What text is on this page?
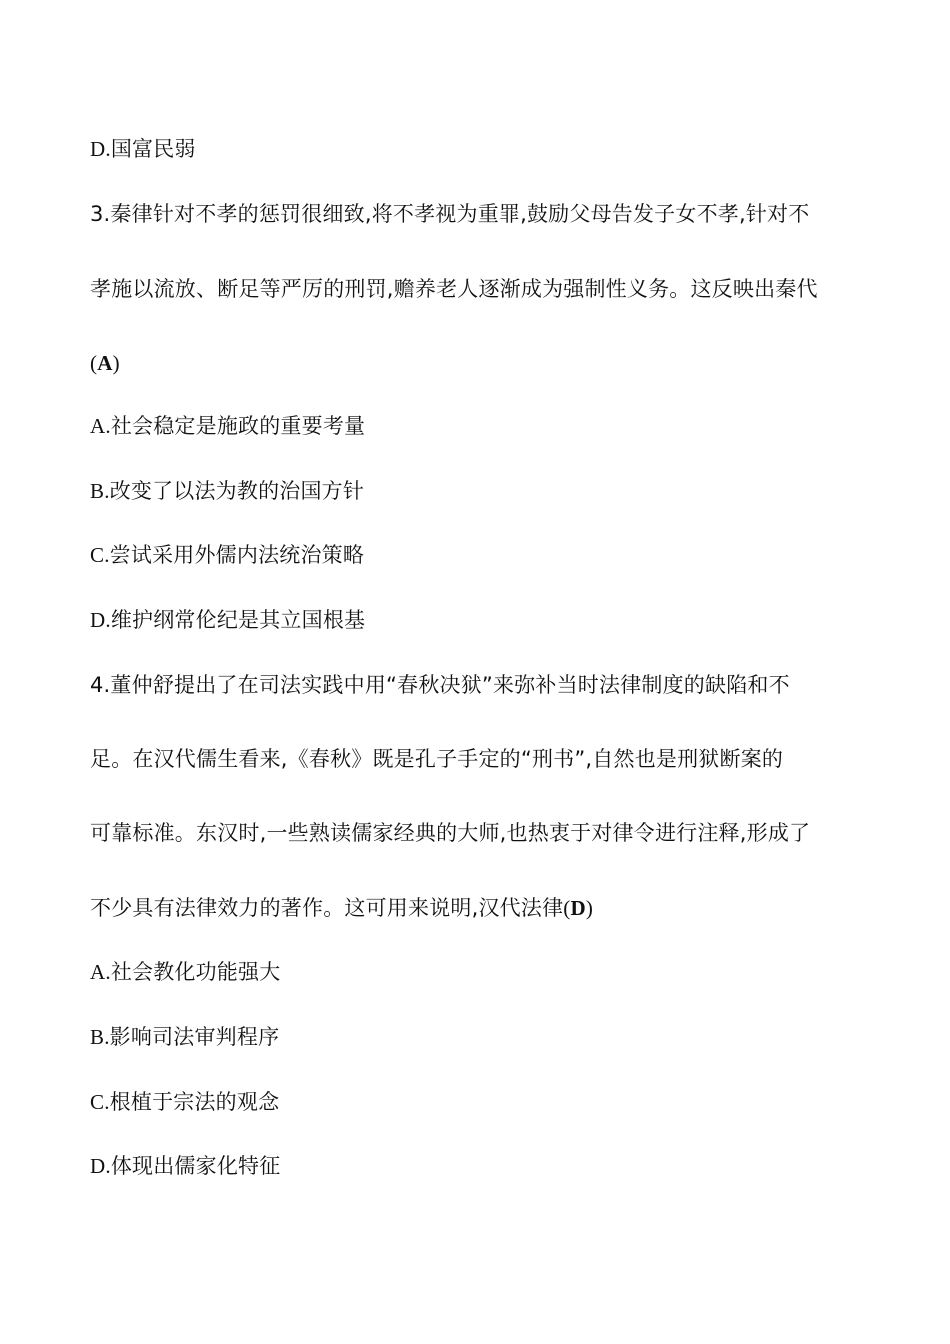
D.国富民弱
3.秦律针对不孝的惩罚很细致,将不孝视为重罪,鼓励父母告发子女不孝,针对不
孝施以流放、断足等严厉的刑罚,赡养老人逐渐成为强制性义务。这反映出秦代
(A)
A.社会稳定是施政的重要考量
B.改变了以法为教的治国方针
C.尝试采用外儒内法统治策略
D.维护纲常伦纪是其立国根基
4.董仲舒提出了在司法实践中用“春秋决狱”来弥补当时法律制度的缺陷和不
足。在汉代儒生看来,《春秋》既是孔子手定的“刑书”,自然也是刑狱断案的
可靠标准。东汉时,一些熟读儒家经典的大师,也热衷于对律令进行注释,形成了
不少具有法律效力的著作。这可用来说明,汉代法律(D)
A.社会教化功能强大
B.影响司法审判程序
C.根植于宗法的观念
D.体现出儒家化特征
